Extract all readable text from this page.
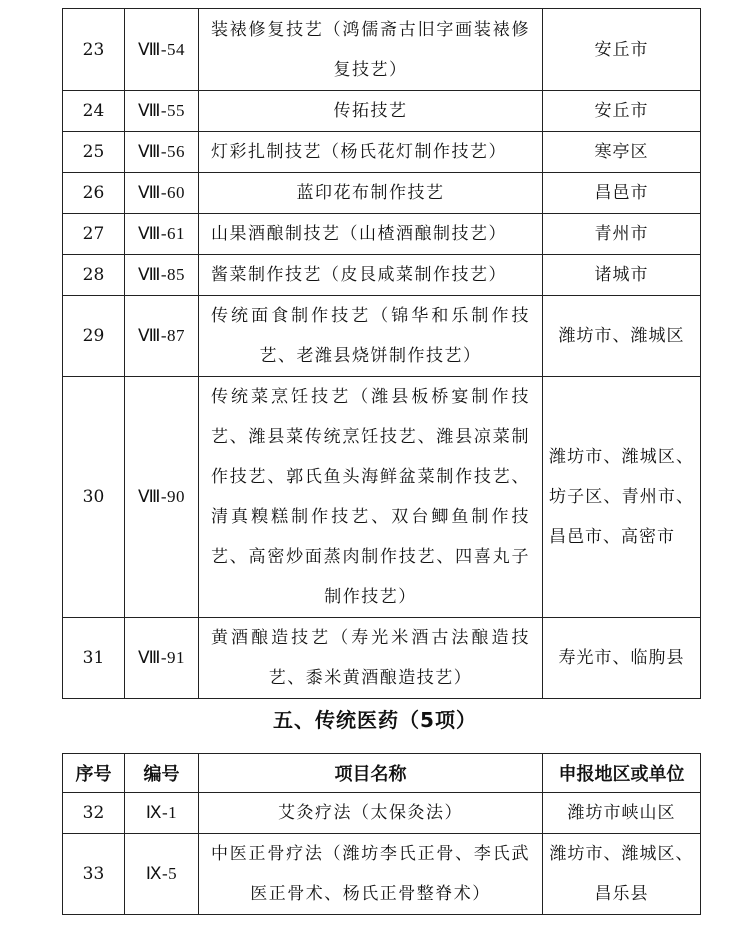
23	Ⅷ-54	装裱修复技艺（鸿儒斋古旧字画装裱修复技艺）	安丘市
24	Ⅷ-55	传拓技艺	安丘市
25	Ⅷ-56	灯彩扎制技艺（杨氏花灯制作技艺）	寒亭区
26	Ⅷ-60	蓝印花布制作技艺	昌邑市
27	Ⅷ-61	山果酒酿制技艺（山楂酒酿制技艺）	青州市
28	Ⅷ-85	酱菜制作技艺（皮艮咸菜制作技艺）	诸城市
29	Ⅷ-87	传统面食制作技艺（锦华和乐制作技艺、老潍县烧饼制作技艺）	潍坊市、潍城区
30	Ⅷ-90	传统菜烹饪技艺（潍县板桥宴制作技艺、潍县菜传统烹饪技艺、潍县凉菜制作技艺、郭氏鱼头海鲜盆菜制作技艺、清真糗糕制作技艺、双台鲫鱼制作技艺、高密炒面蒸肉制作技艺、四喜丸子制作技艺）	潍坊市、潍城区、坊子区、青州市、昌邑市、高密市
31	Ⅷ-91	黄酒酿造技艺（寿光米酒古法酿造技艺、黍米黄酒酿造技艺）	寿光市、临朐县
五、传统医药（5项）
序号	编号	项目名称	申报地区或单位
32	Ⅸ-1	艾灸疗法（太保灸法）	潍坊市峡山区
33	Ⅸ-5	中医正骨疗法（潍坊李氏正骨、李氏武医正骨术、杨氏正骨整脊术）	潍坊市、潍城区、昌乐县
